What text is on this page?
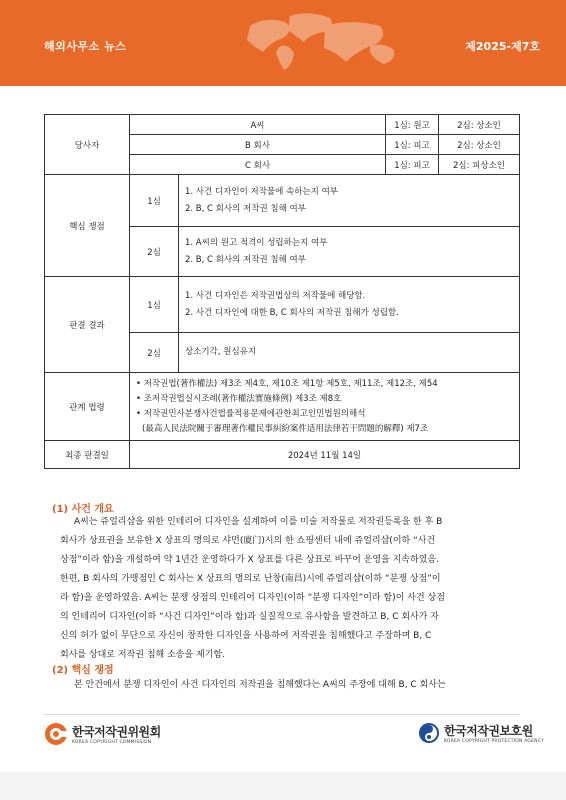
해외사무소 뉴스	제2025-제7호
당사자	A씨		1심: 원고	2심: 상소인
	B 회사		1심: 피고	2심: 상소인
	C 회사		1심: 피고	2심: 피상소인
핵심 쟁점	1심	1. 사건 디자인이 저작물에 속하는지 여부
2. B, C 회사의 저작권 침해 여부		

	2심	1. A씨의 원고 적격이 성립하는지 여부
2. B, C 회사의 저작권 침해 여부		

판결 결과	1심	1. 사건 디자인은 저작권법상의 저작물에 해당함.
2. 사건 디자인에 대한 B, C 회사의 저작권 침해가 성립함.		

	2심	상소기각, 원심유지		

관계 법령	• 저작권법(著作權法) 제3조 제4호, 제10조 제1항 제5호, 제11조, 제12조, 제54
• 조저작권법실시조례(著作權法實施條例) 제3조 제8호
• 저작권민사분쟁사건법률적용문제에관한최고인민법원의해석
(最高人民法院關于審理著作權民事糾紛案件适用法律若干問題的解釋) 제7조			

최종 판결일	2024년 11월 14일			
(1) 사건 개요
A씨는 쥬얼리샵을 위한 인테리어 디자인을 설계하여 이를 미술 저작물로 저작권등록을 한 후 B
회사가 상표권을 보유한 X 상표의 명의로 샤먼(廈门)시의 한 쇼핑센터 내에 쥬얼리샵(이하 “사건
상점”이라 함)을 개설하여 약 1년간 운영하다가 X 상표를 다른 상표로 바꾸어 운영을 지속하였음.
한편, B 회사의 가맹점인 C 회사는 X 상표의 명의로 난창(南昌)시에 쥬얼리샵(이하 “분쟁 상점”이
라 함)을 운영하였음. A씨는 분쟁 상점의 인테리어 디자인(이하 “분쟁 디자인”이라 함)이 사건 상점
의 인테리어 디자인(이하 “사건 디자인”이라 함)과 실질적으로 유사함을 발견하고 B, C 회사가 자
신의 허가 없이 무단으로 자신이 창작한 디자인을 사용하여 저작권을 침해했다고 주장하며 B, C
회사를 상대로 저작권 침해 소송을 제기함.
(2) 핵심 쟁점
본 안건에서 분쟁 디자인이 사건 디자인의 저작권을 침해했다는 A씨의 주장에 대해 B, C 회사는
한국저작권위원회
KOREA COPYRIGHT COMMISSION
한국저작권보호원
KOREA COPYRIGHT PROTECTION AGENCY
